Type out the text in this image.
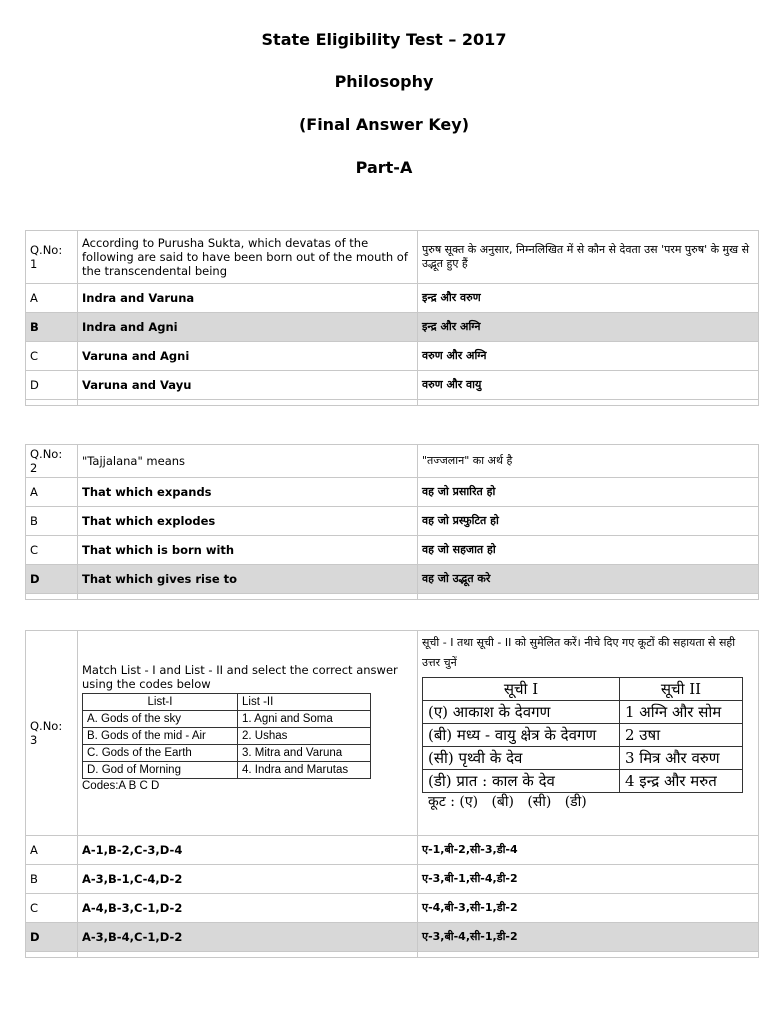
State Eligibility Test – 2017
Philosophy
(Final Answer Key)
Part-A
Q.No: 1	According to Purusha Sukta, which devatas of the following are said to have been born out of the mouth of the transcendental being	पुरुष सूक्त के अनुसार, निम्नलिखित में से कौन से देवता उस 'परम पुरुष' के मुख से उद्भूत हुए हैं
A	Indra and Varuna	इन्द्र और वरुण
B	Indra and Agni	इन्द्र और अग्नि
C	Varuna and Agni	वरुण और अग्नि
D	Varuna and Vayu	वरुण और वायु

Q.No: 2	"Tajjalana" means	"तज्जलान" का अर्थ है
A	That which expands	वह जो प्रसारित हो
B	That which explodes	वह जो प्रस्फुटित हो
C	That which is born with	वह जो सहजात हो
D	That which gives rise to	वह जो उद्भूत करे

Q.No: 3	
Match List - I and List - II and select the correct answer using the codes below
List-I	List -II
A. Gods of the sky	1. Agni and Soma
B. Gods of the mid - Air	2. Ushas
C. Gods of the Earth	3. Mitra and Varuna
D. God of Morning	4. Indra and Marutas
Codes:A B C D

सूची - I तथा सूची - II को सुमेलित करें। नीचे दिए गए कूटों की सहायता से सही उत्तर चुनें
सूची I	सूची II
(ए) आकाश के देवगण	1 अग्नि और सोम
(बी) मध्य - वायु क्षेत्र के देवगण	2 उषा
(सी) पृथ्वी के देव	3 मित्र और वरुण
(डी) प्रात : काल के देव	4 इन्द्र और मरुत
कूट : (ए)   (बी)   (सी)   (डी)

A	A-1,B-2,C-3,D-4	ए-1,बी-2,सी-3,डी-4
B	A-3,B-1,C-4,D-2	ए-3,बी-1,सी-4,डी-2
C	A-4,B-3,C-1,D-2	ए-4,बी-3,सी-1,डी-2
D	A-3,B-4,C-1,D-2	ए-3,बी-4,सी-1,डी-2
